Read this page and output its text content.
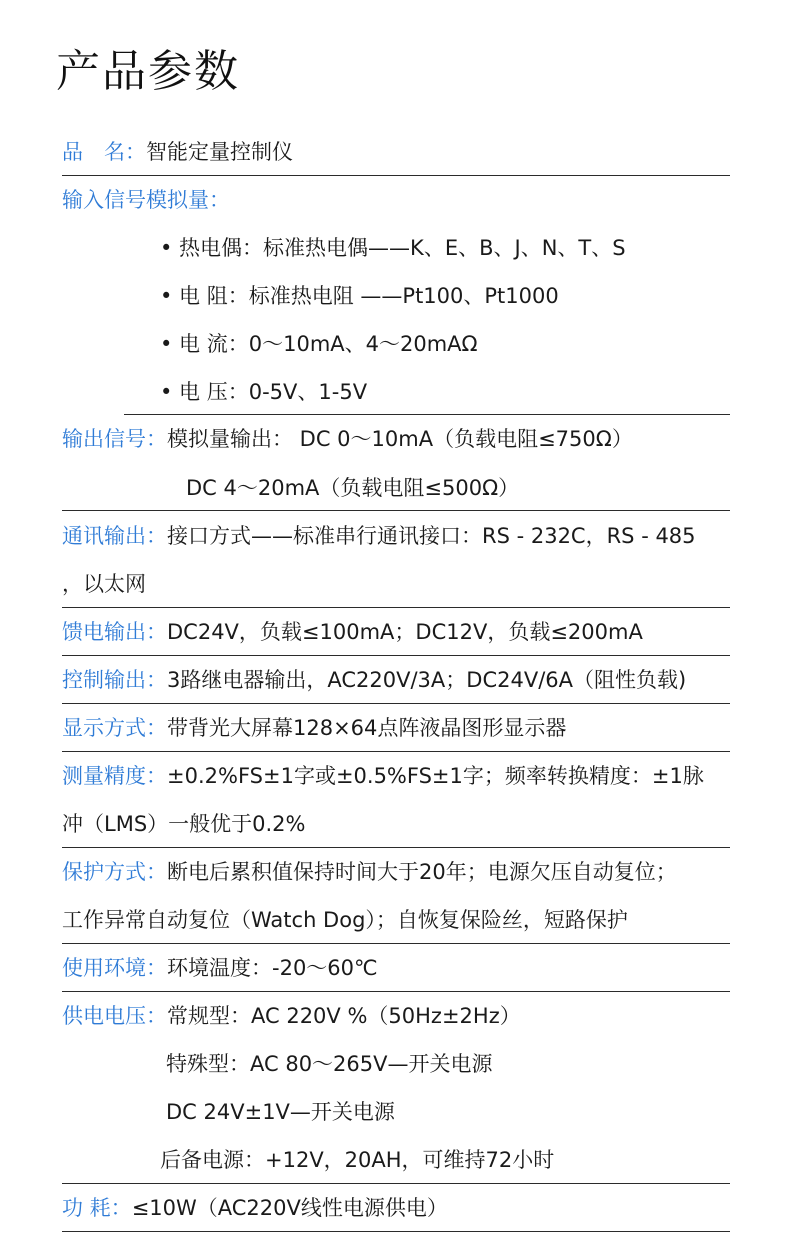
产品参数
品　名：智能定量控制仪
输入信号模拟量：
• 热电偶：标准热电偶——K、E、B、J、N、T、S
• 电 阻：标准热电阻 ——Pt100、Pt1000
• 电 流：0～10mA、4～20mAΩ
• 电 压：0-5V、1-5V
输出信号：模拟量输出： DC 0～10mA（负载电阻≤750Ω）
DC 4～20mA（负载电阻≤500Ω）
通讯输出：接口方式——标准串行通讯接口：RS - 232C，RS - 485
，以太网
馈电输出：DC24V，负载≤100mA；DC12V，负载≤200mA
控制输出：3路继电器输出，AC220V/3A；DC24V/6A（阻性负载)
显示方式：带背光大屏幕128×64点阵液晶图形显示器
测量精度：±0.2%FS±1字或±0.5%FS±1字；频率转换精度：±1脉
冲（LMS）一般优于0.2%
保护方式：断电后累积值保持时间大于20年；电源欠压自动复位；
工作异常自动复位（Watch Dog）；自恢复保险丝，短路保护
使用环境：环境温度：-20～60℃
供电电压：常规型：AC 220V %（50Hz±2Hz）
特殊型：AC 80～265V—开关电源
DC 24V±1V—开关电源
后备电源：+12V，20AH，可维持72小时
功 耗：≤10W（AC220V线性电源供电）
